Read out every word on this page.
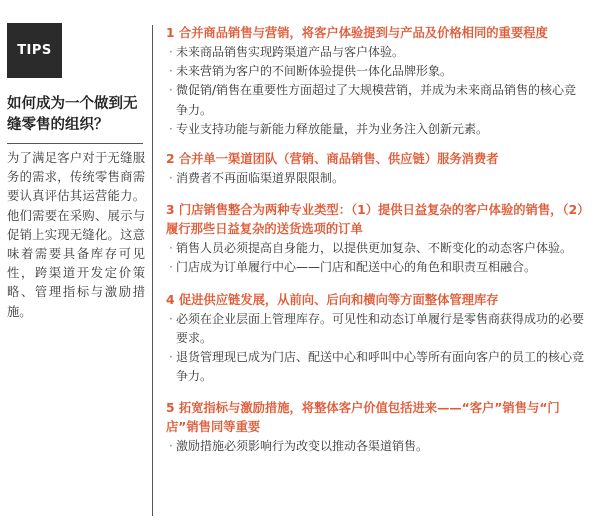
TIPS
如何成为一个做到无缝零售的组织？
为了满足客户对于无缝服务的需求，传统零售商需要认真评估其运营能力。他们需要在采购、展示与促销上实现无缝化。这意味着需要具备库存可见性，跨渠道开发定价策略、管理指标与激励措施。
1 合并商品销售与营销，将客户体验提到与产品及价格相同的重要程度
· 未来商品销售实现跨渠道产品与客户体验。
· 未来营销为客户的不间断体验提供一体化品牌形象。
· 微促销/销售在重要性方面超过了大规模营销，并成为未来商品销售的核心竞争力。
· 专业支持功能与新能力释放能量，并为业务注入创新元素。
2 合并单一渠道团队（营销、商品销售、供应链）服务消费者
· 消费者不再面临渠道界限限制。
3 门店销售整合为两种专业类型：（1）提供日益复杂的客户体验的销售，（2）履行那些日益复杂的送货选项的订单
· 销售人员必须提高自身能力，以提供更加复杂、不断变化的动态客户体验。
· 门店成为订单履行中心——门店和配送中心的角色和职责互相融合。
4 促进供应链发展，从前向、后向和横向等方面整体管理库存
· 必须在企业层面上管理库存。可见性和动态订单履行是零售商获得成功的必要要求。
· 退货管理现已成为门店、配送中心和呼叫中心等所有面向客户的员工的核心竞争力。
5 拓宽指标与激励措施，将整体客户价值包括进来——“客户”销售与“门店”销售同等重要
· 激励措施必须影响行为改变以推动各渠道销售。
